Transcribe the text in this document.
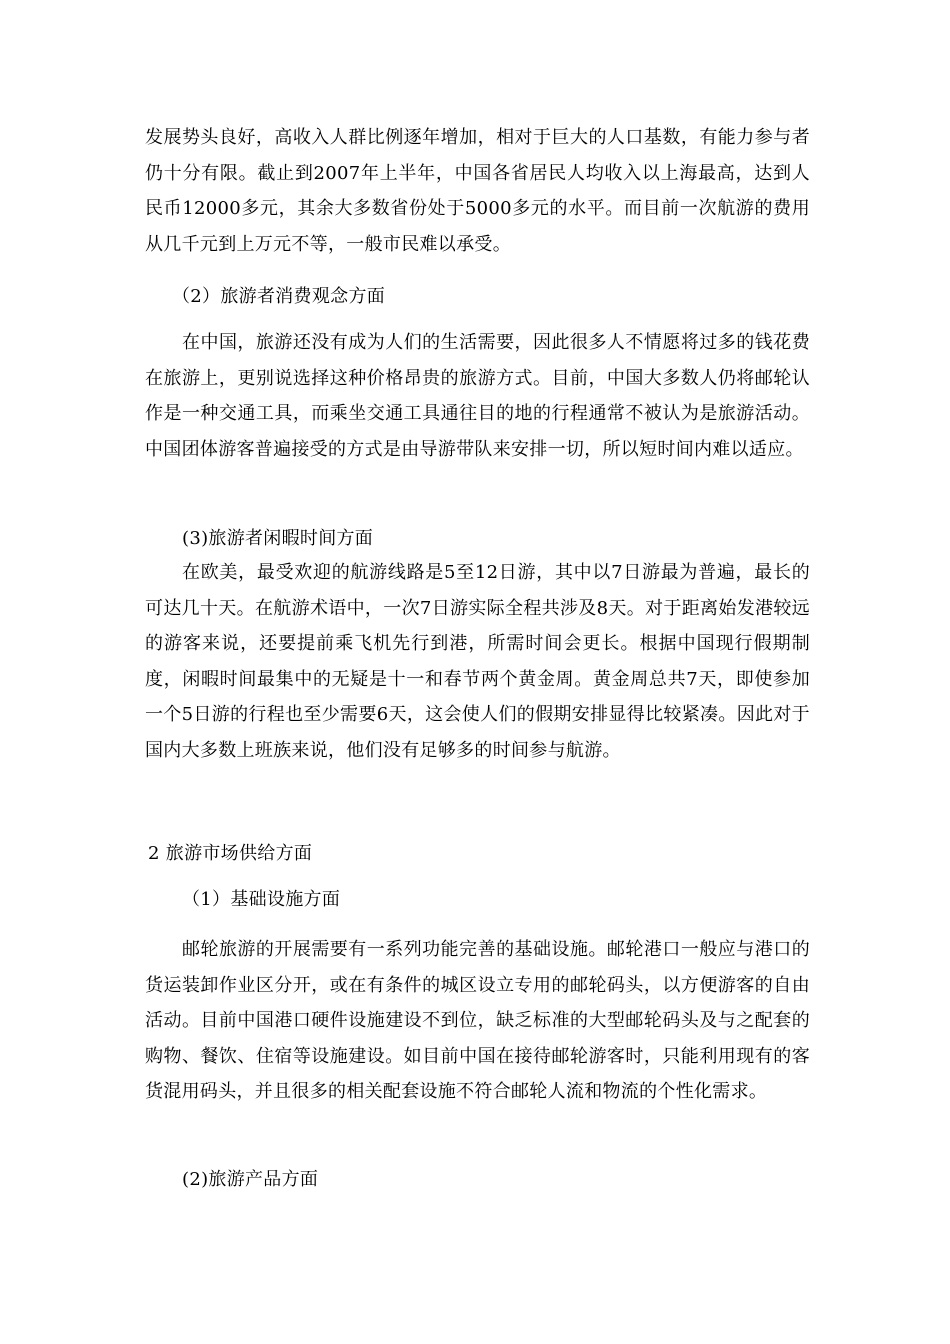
发展势头良好，高收入人群比例逐年增加，相对于巨大的人口基数，有能力参与者仍十分有限。截止到2007年上半年，中国各省居民人均收入以上海最高，达到人民币12000多元，其余大多数省份处于5000多元的水平。而目前一次航游的费用从几千元到上万元不等，一般市民难以承受。

（2）旅游者消费观念方面

在中国，旅游还没有成为人们的生活需要，因此很多人不情愿将过多的钱花费在旅游上，更别说选择这种价格昂贵的旅游方式。目前，中国大多数人仍将邮轮认作是一种交通工具，而乘坐交通工具通往目的地的行程通常不被认为是旅游活动。中国团体游客普遍接受的方式是由导游带队来安排一切，所以短时间内难以适应。

(3)旅游者闲暇时间方面

在欧美，最受欢迎的航游线路是5至12日游，其中以7日游最为普遍，最长的可达几十天。在航游术语中，一次7日游实际全程共涉及8天。对于距离始发港较远的游客来说，还要提前乘飞机先行到港，所需时间会更长。根据中国现行假期制度，闲暇时间最集中的无疑是十一和春节两个黄金周。黄金周总共7天，即使参加一个5日游的行程也至少需要6天，这会使人们的假期安排显得比较紧凑。因此对于国内大多数上班族来说，他们没有足够多的时间参与航游。

2 旅游市场供给方面

（1）基础设施方面

邮轮旅游的开展需要有一系列功能完善的基础设施。邮轮港口一般应与港口的货运装卸作业区分开，或在有条件的城区设立专用的邮轮码头，以方便游客的自由活动。目前中国港口硬件设施建设不到位，缺乏标准的大型邮轮码头及与之配套的购物、餐饮、住宿等设施建设。如目前中国在接待邮轮游客时，只能利用现有的客货混用码头，并且很多的相关配套设施不符合邮轮人流和物流的个性化需求。

(2)旅游产品方面
